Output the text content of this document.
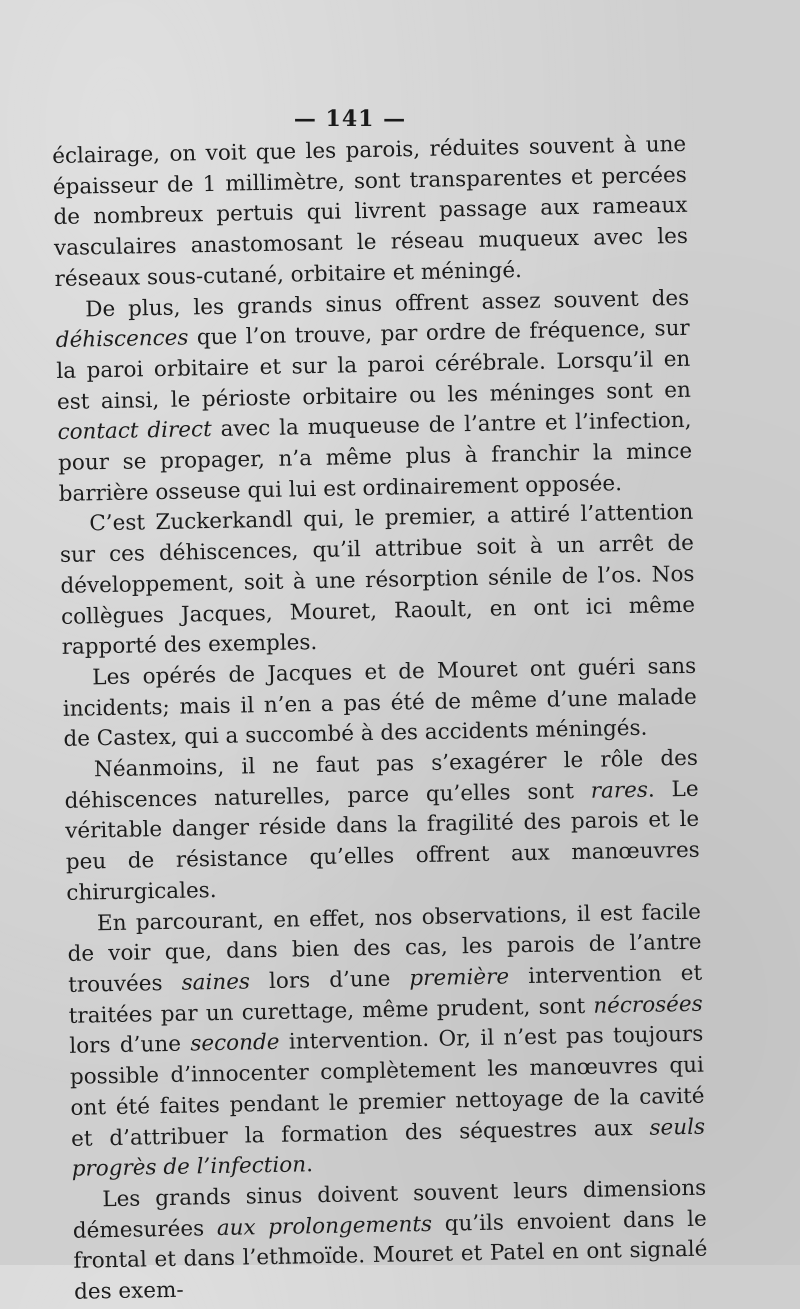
— 141 —

éclairage, on voit que les parois, réduites souvent à une épaisseur de 1 millimètre, sont transparentes et percées de nombreux pertuis qui livrent passage aux rameaux vasculaires anastomosant le réseau muqueux avec les réseaux sous-cutané, orbitaire et méningé.

De plus, les grands sinus offrent assez souvent des déhiscences que l’on trouve, par ordre de fréquence, sur la paroi orbitaire et sur la paroi cérébrale. Lorsqu’il en est ainsi, le périoste orbitaire ou les méninges sont en contact direct avec la muqueuse de l’antre et l’infection, pour se propager, n’a même plus à franchir la mince barrière osseuse qui lui est ordinairement opposée.

C’est Zuckerkandl qui, le premier, a attiré l’attention sur ces déhiscences, qu’il attribue soit à un arrêt de développement, soit à une résorption sénile de l’os. Nos collègues Jacques, Mouret, Raoult, en ont ici même rapporté des exemples.

Les opérés de Jacques et de Mouret ont guéri sans incidents; mais il n’en a pas été de même d’une malade de Castex, qui a succombé à des accidents méningés.

Néanmoins, il ne faut pas s’exagérer le rôle des déhiscences naturelles, parce qu’elles sont rares. Le véritable danger réside dans la fragilité des parois et le peu de résistance qu’elles offrent aux manœuvres chirurgicales.

En parcourant, en effet, nos observations, il est facile de voir que, dans bien des cas, les parois de l’antre trouvées saines lors d’une première intervention et traitées par un curettage, même prudent, sont nécrosées lors d’une seconde intervention. Or, il n’est pas toujours possible d’innocenter complètement les manœuvres qui ont été faites pendant le premier nettoyage de la cavité et d’attribuer la formation des séquestres aux seuls progrès de l’infection.

Les grands sinus doivent souvent leurs dimensions démesurées aux prolongements qu’ils envoient dans le frontal et dans l’ethmoïde. Mouret et Patel en ont signalé des exem-
